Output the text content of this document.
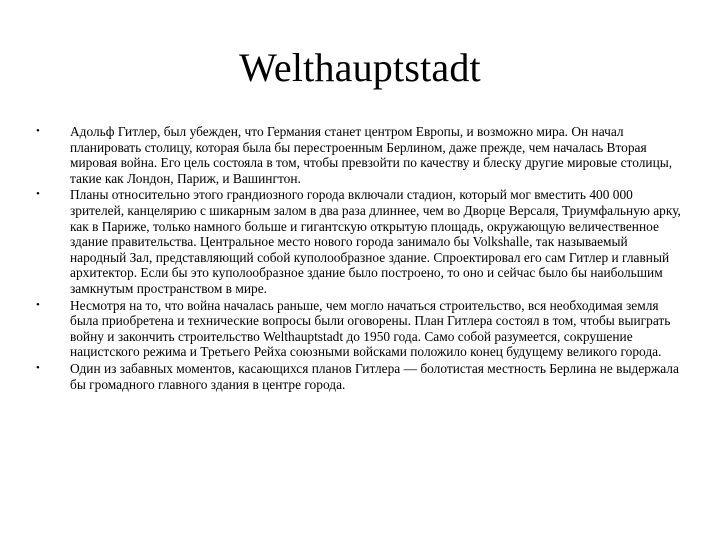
Welthauptstadt
•	Адольф Гитлер, был убежден, что Германия станет центром Европы, и возможно мира. Он начал планировать столицу, которая была бы перестроенным Берлином, даже прежде, чем началась Вторая мировая война. Его цель состояла в том, чтобы превзойти по качеству и блеску другие мировые столицы, такие как Лондон, Париж, и Вашингтон.
•	Планы относительно этого грандиозного города включали стадион, который мог вместить 400 000 зрителей, канцелярию с шикарным залом в два раза длиннее, чем во Дворце Версаля, Триумфальную арку, как в Париже, только намного больше и гигантскую открытую площадь, окружающую величественное здание правительства. Центральное место нового города занимало бы Volkshalle, так называемый народный Зал, представляющий собой куполообразное здание. Спроектировал его сам Гитлер и главный архитектор. Если бы это куполообразное здание было построено, то оно и сейчас было бы наибольшим замкнутым пространством в мире.
•	Несмотря на то, что война началась раньше, чем могло начаться строительство, вся необходимая земля была приобретена и технические вопросы были оговорены. План Гитлера состоял в том, чтобы выиграть войну и закончить строительство Welthauptstadt до 1950 года. Само собой разумеется, сокрушение нацистского режима и Третьего Рейха союзными войсками положило конец будущему великого города.
•	Один из забавных моментов, касающихся планов Гитлера — болотистая местность Берлина не выдержала бы громадного главного здания в центре города.
